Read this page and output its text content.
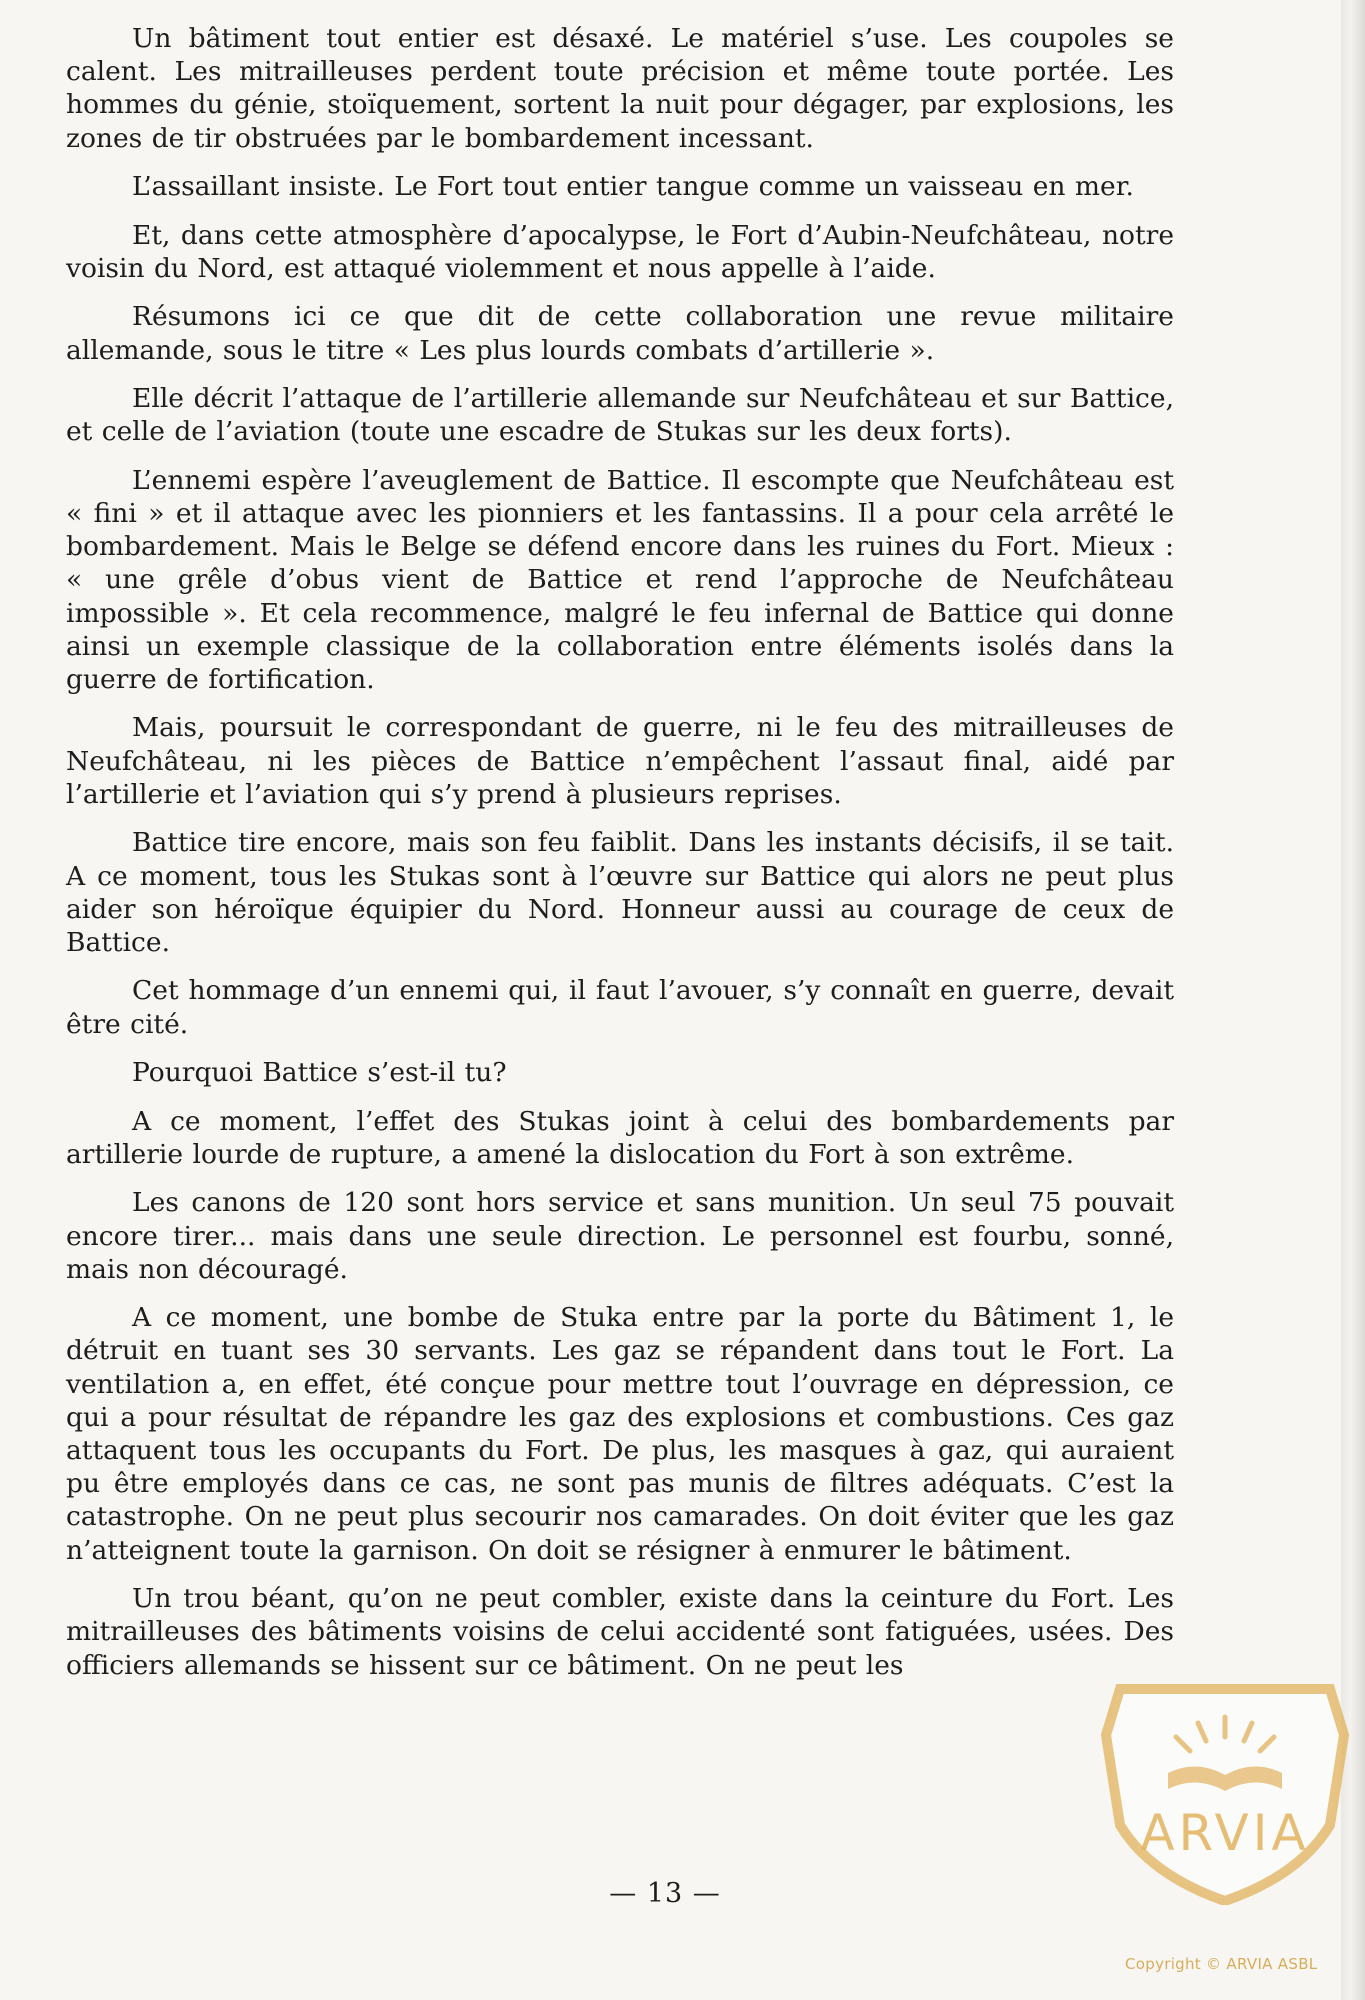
Un bâtiment tout entier est désaxé. Le matériel s’use. Les coupoles se calent. Les mitrailleuses perdent toute précision et même toute portée. Les hommes du génie, stoïquement, sortent la nuit pour dégager, par explosions, les zones de tir obstruées par le bombardement incessant.

L’assaillant insiste. Le Fort tout entier tangue comme un vaisseau en mer.

Et, dans cette atmosphère d’apocalypse, le Fort d’Aubin-Neufchâteau, notre voisin du Nord, est attaqué violemment et nous appelle à l’aide.

Résumons ici ce que dit de cette collaboration une revue militaire allemande, sous le titre « Les plus lourds combats d’artillerie ».

Elle décrit l’attaque de l’artillerie allemande sur Neufchâteau et sur Battice, et celle de l’aviation (toute une escadre de Stukas sur les deux forts).

L’ennemi espère l’aveuglement de Battice. Il escompte que Neufchâteau est « fini » et il attaque avec les pionniers et les fantassins. Il a pour cela arrêté le bombardement. Mais le Belge se défend encore dans les ruines du Fort. Mieux : « une grêle d’obus vient de Battice et rend l’approche de Neufchâteau impossible ». Et cela recommence, malgré le feu infernal de Battice qui donne ainsi un exemple classique de la collaboration entre éléments isolés dans la guerre de fortification.

Mais, poursuit le correspondant de guerre, ni le feu des mitrailleuses de Neufchâteau, ni les pièces de Battice n’empêchent l’assaut final, aidé par l’artillerie et l’aviation qui s’y prend à plusieurs reprises.

Battice tire encore, mais son feu faiblit. Dans les instants décisifs, il se tait. A ce moment, tous les Stukas sont à l’œuvre sur Battice qui alors ne peut plus aider son héroïque équipier du Nord. Honneur aussi au courage de ceux de Battice.

Cet hommage d’un ennemi qui, il faut l’avouer, s’y connaît en guerre, devait être cité.

Pourquoi Battice s’est-il tu?

A ce moment, l’effet des Stukas joint à celui des bombardements par artillerie lourde de rupture, a amené la dislocation du Fort à son extrême.

Les canons de 120 sont hors service et sans munition. Un seul 75 pouvait encore tirer... mais dans une seule direction. Le personnel est fourbu, sonné, mais non découragé.

A ce moment, une bombe de Stuka entre par la porte du Bâtiment 1, le détruit en tuant ses 30 servants. Les gaz se répandent dans tout le Fort. La ventilation a, en effet, été conçue pour mettre tout l’ouvrage en dépression, ce qui a pour résultat de répandre les gaz des explosions et combustions. Ces gaz attaquent tous les occupants du Fort. De plus, les masques à gaz, qui auraient pu être employés dans ce cas, ne sont pas munis de filtres adéquats. C’est la catastrophe. On ne peut plus secourir nos camarades. On doit éviter que les gaz n’atteignent toute la garnison. On doit se résigner à enmurer le bâtiment.

Un trou béant, qu’on ne peut combler, existe dans la ceinture du Fort. Les mitrailleuses des bâtiments voisins de celui accidenté sont fatiguées, usées. Des officiers allemands se hissent sur ce bâtiment. On ne peut les

— 13 —
ARVIA
Copyright © ARVIA ASBL
